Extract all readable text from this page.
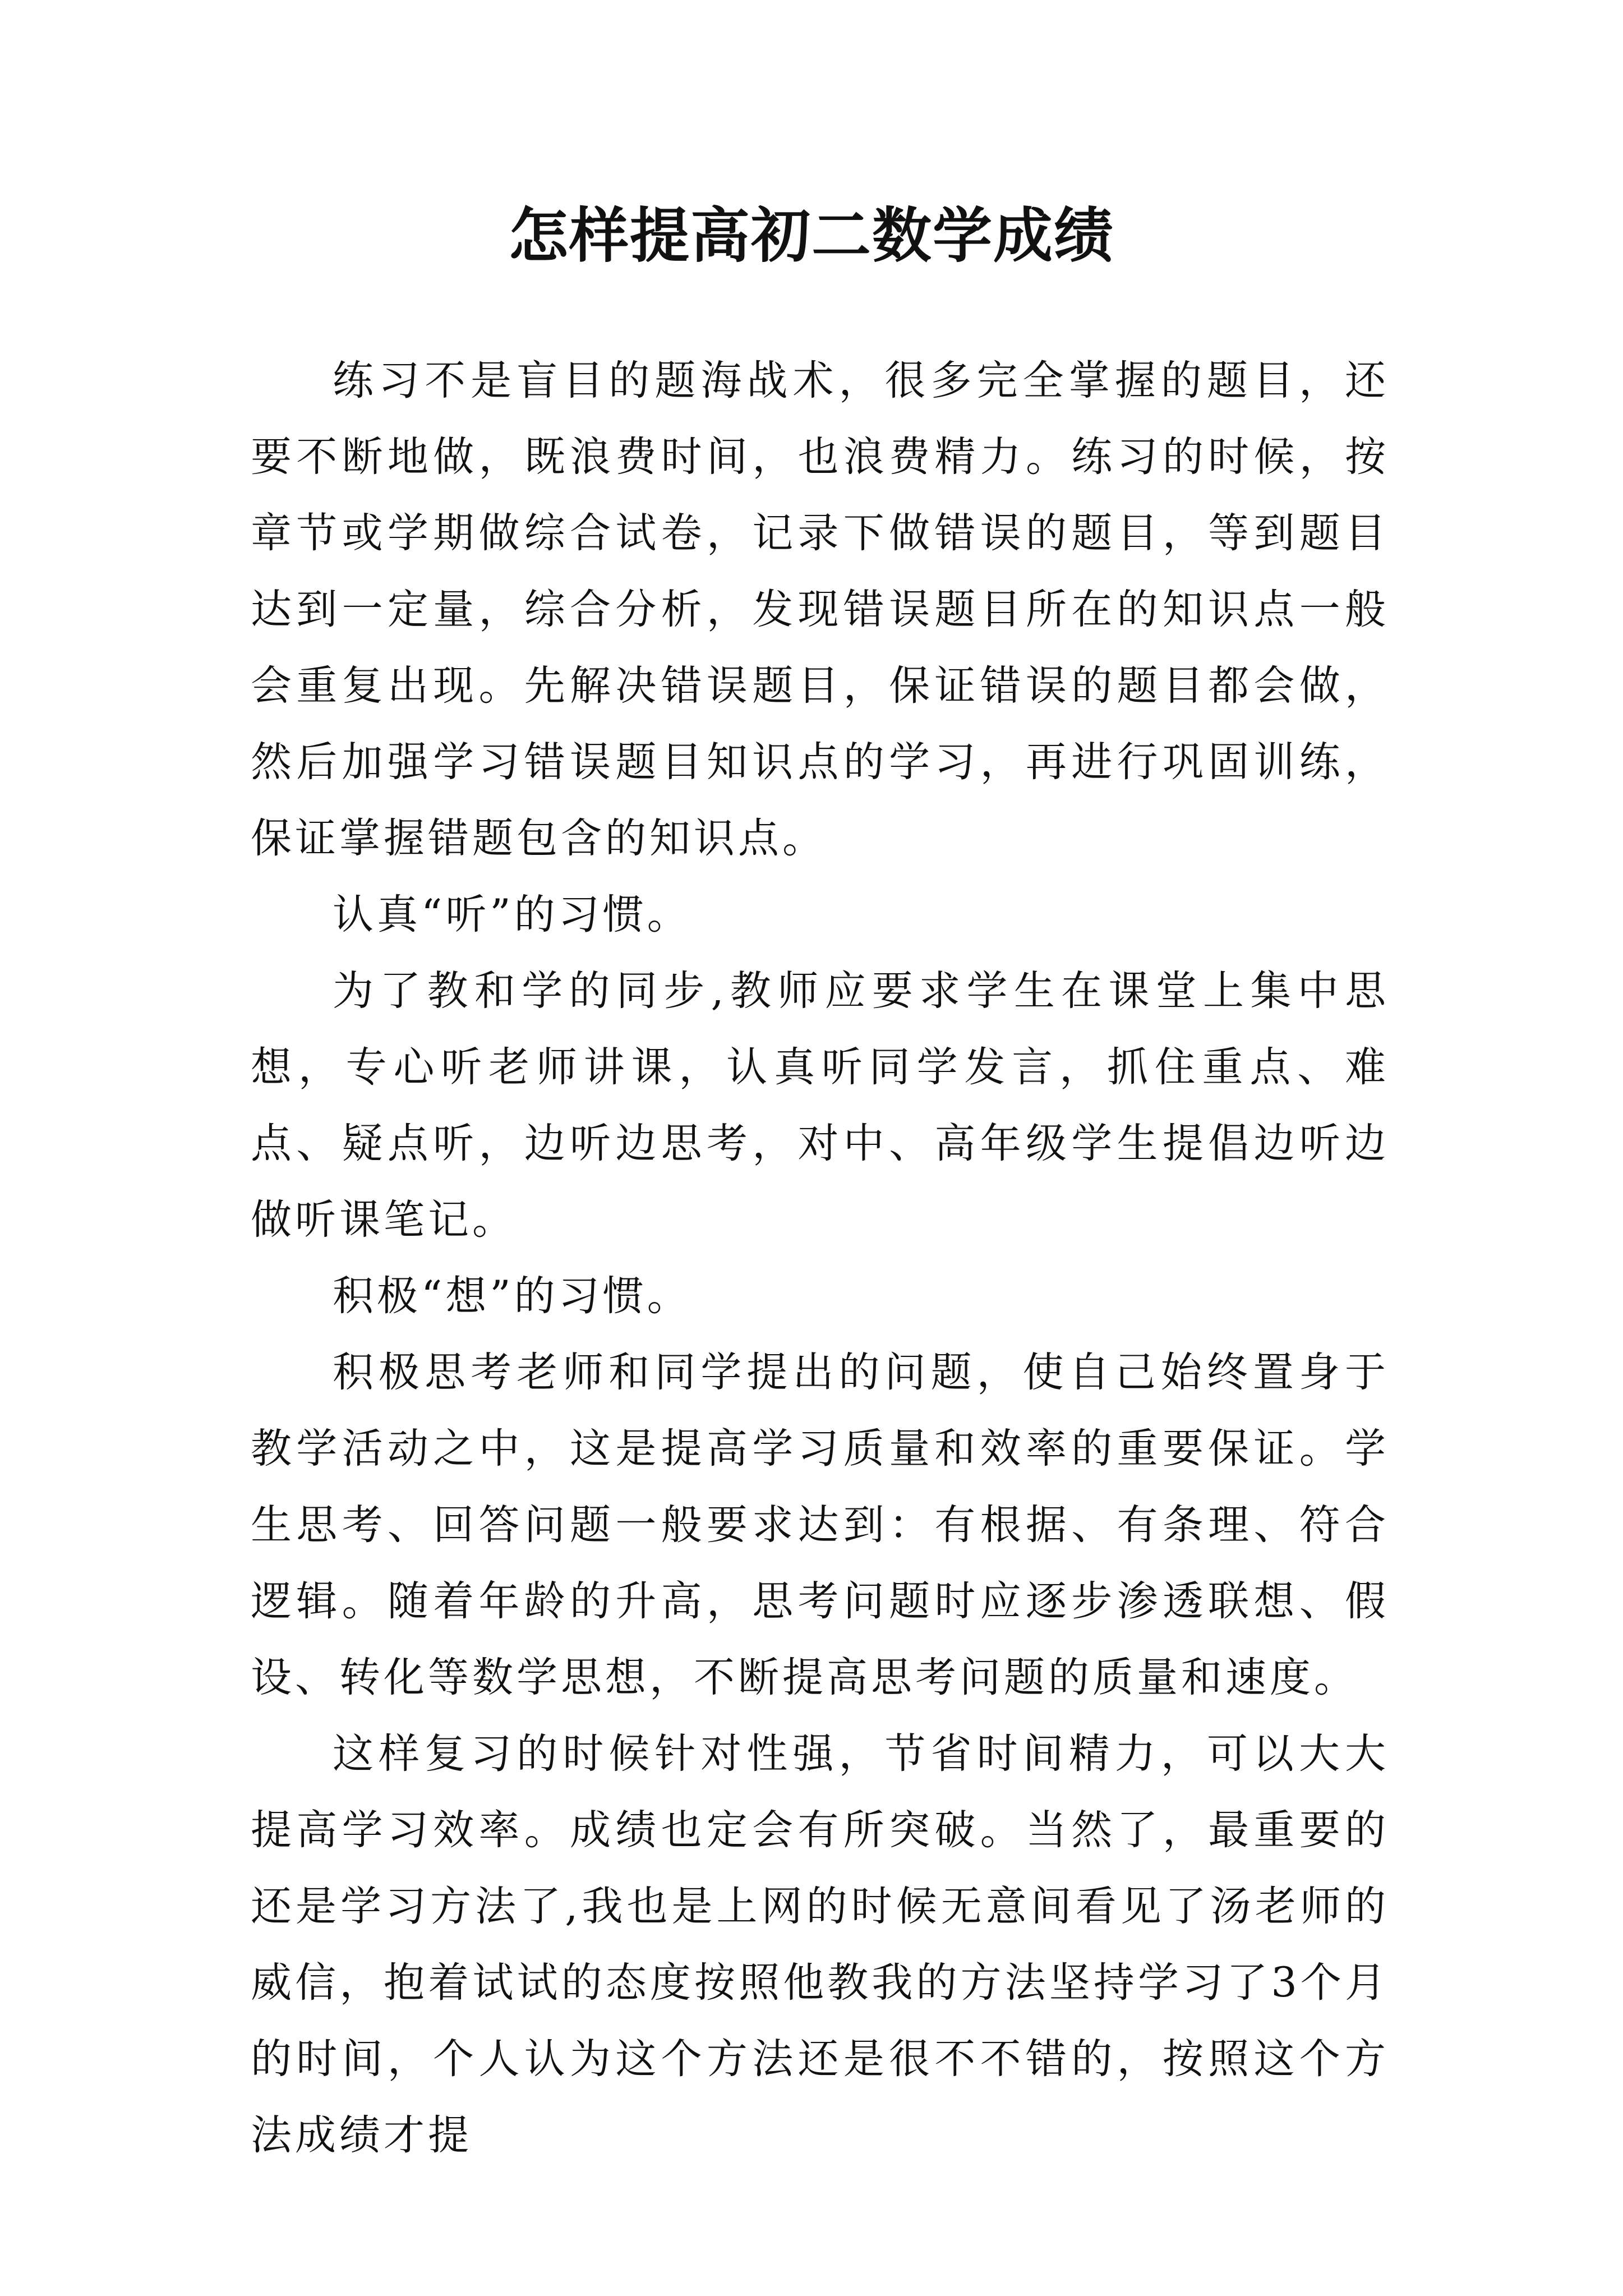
怎样提高初二数学成绩

练习不是盲目的题海战术，很多完全掌握的题目，还要不断地做，既浪费时间，也浪费精力。练习的时候，按章节或学期做综合试卷，记录下做错误的题目，等到题目达到一定量，综合分析，发现错误题目所在的知识点一般会重复出现。先解决错误题目，保证错误的题目都会做，然后加强学习错误题目知识点的学习，再进行巩固训练，保证掌握错题包含的知识点。

认真“听”的习惯。

为了教和学的同步,教师应要求学生在课堂上集中思想，专心听老师讲课，认真听同学发言，抓住重点、难点、疑点听，边听边思考，对中、高年级学生提倡边听边做听课笔记。

积极“想”的习惯。

积极思考老师和同学提出的问题，使自己始终置身于教学活动之中，这是提高学习质量和效率的重要保证。学生思考、回答问题一般要求达到：有根据、有条理、符合逻辑。随着年龄的升高，思考问题时应逐步渗透联想、假设、转化等数学思想，不断提高思考问题的质量和速度。

这样复习的时候针对性强，节省时间精力，可以大大提高学习效率。成绩也定会有所突破。当然了，最重要的还是学习方法了,我也是上网的时候无意间看见了汤老师的威信，抱着试试的态度按照他教我的方法坚持学习了3个月的时间，个人认为这个方法还是很不不错的，按照这个方法成绩才提
